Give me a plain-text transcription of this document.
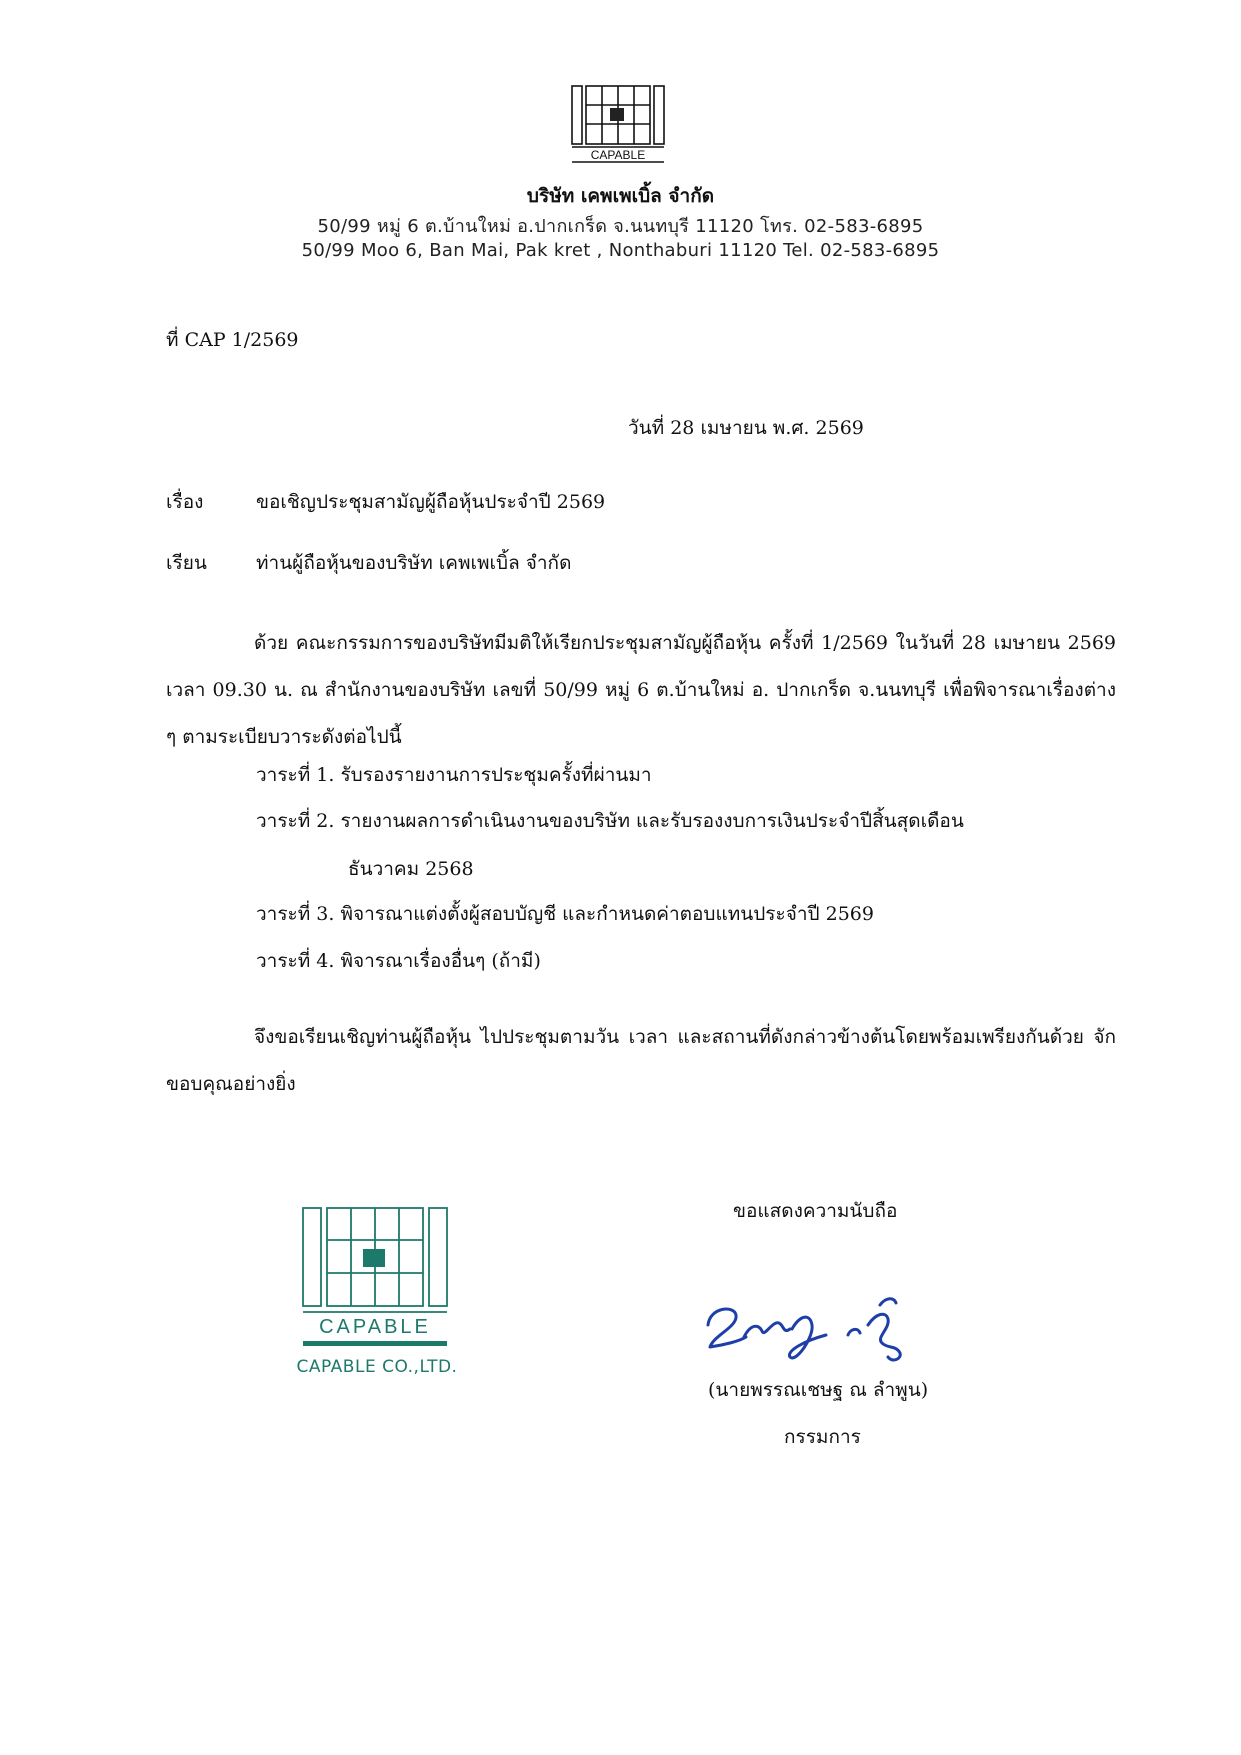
CAPABLE
บริษัท เคพเพเบิ้ล จำกัด
50/99 หมู่ 6 ต.บ้านใหม่ อ.ปากเกร็ด จ.นนทบุรี 11120 โทร. 02-583-6895
50/99 Moo 6, Ban Mai, Pak kret , Nonthaburi 11120 Tel. 02-583-6895
ที่ CAP 1/2569
วันที่ 28 เมษายน พ.ศ. 2569
เรื่อง	ขอเชิญประชุมสามัญผู้ถือหุ้นประจำปี 2569
เรียน	ท่านผู้ถือหุ้นของบริษัท เคพเพเบิ้ล จำกัด
ด้วย คณะกรรมการของบริษัทมีมติให้เรียกประชุมสามัญผู้ถือหุ้น ครั้งที่ 1/2569 ในวันที่ 28 เมษายน 2569 เวลา 09.30 น. ณ สำนักงานของบริษัท เลขที่ 50/99 หมู่ 6 ต.บ้านใหม่ อ. ปากเกร็ด จ.นนทบุรี เพื่อพิจารณาเรื่องต่าง ๆ ตามระเบียบวาระดังต่อไปนี้
วาระที่ 1. รับรองรายงานการประชุมครั้งที่ผ่านมา
วาระที่ 2. รายงานผลการดำเนินงานของบริษัท และรับรองงบการเงินประจำปีสิ้นสุดเดือน
ธันวาคม 2568
วาระที่ 3. พิจารณาแต่งตั้งผู้สอบบัญชี และกำหนดค่าตอบแทนประจำปี 2569
วาระที่ 4. พิจารณาเรื่องอื่นๆ (ถ้ามี)
จึงขอเรียนเชิญท่านผู้ถือหุ้น ไปประชุมตามวัน เวลา และสถานที่ดังกล่าวข้างต้นโดยพร้อมเพรียงกันด้วย จักขอบคุณอย่างยิ่ง
CAPABLE
CAPABLE CO.,LTD.
ขอแสดงความนับถือ
(นายพรรณเชษฐ ณ ลำพูน)
กรรมการ
